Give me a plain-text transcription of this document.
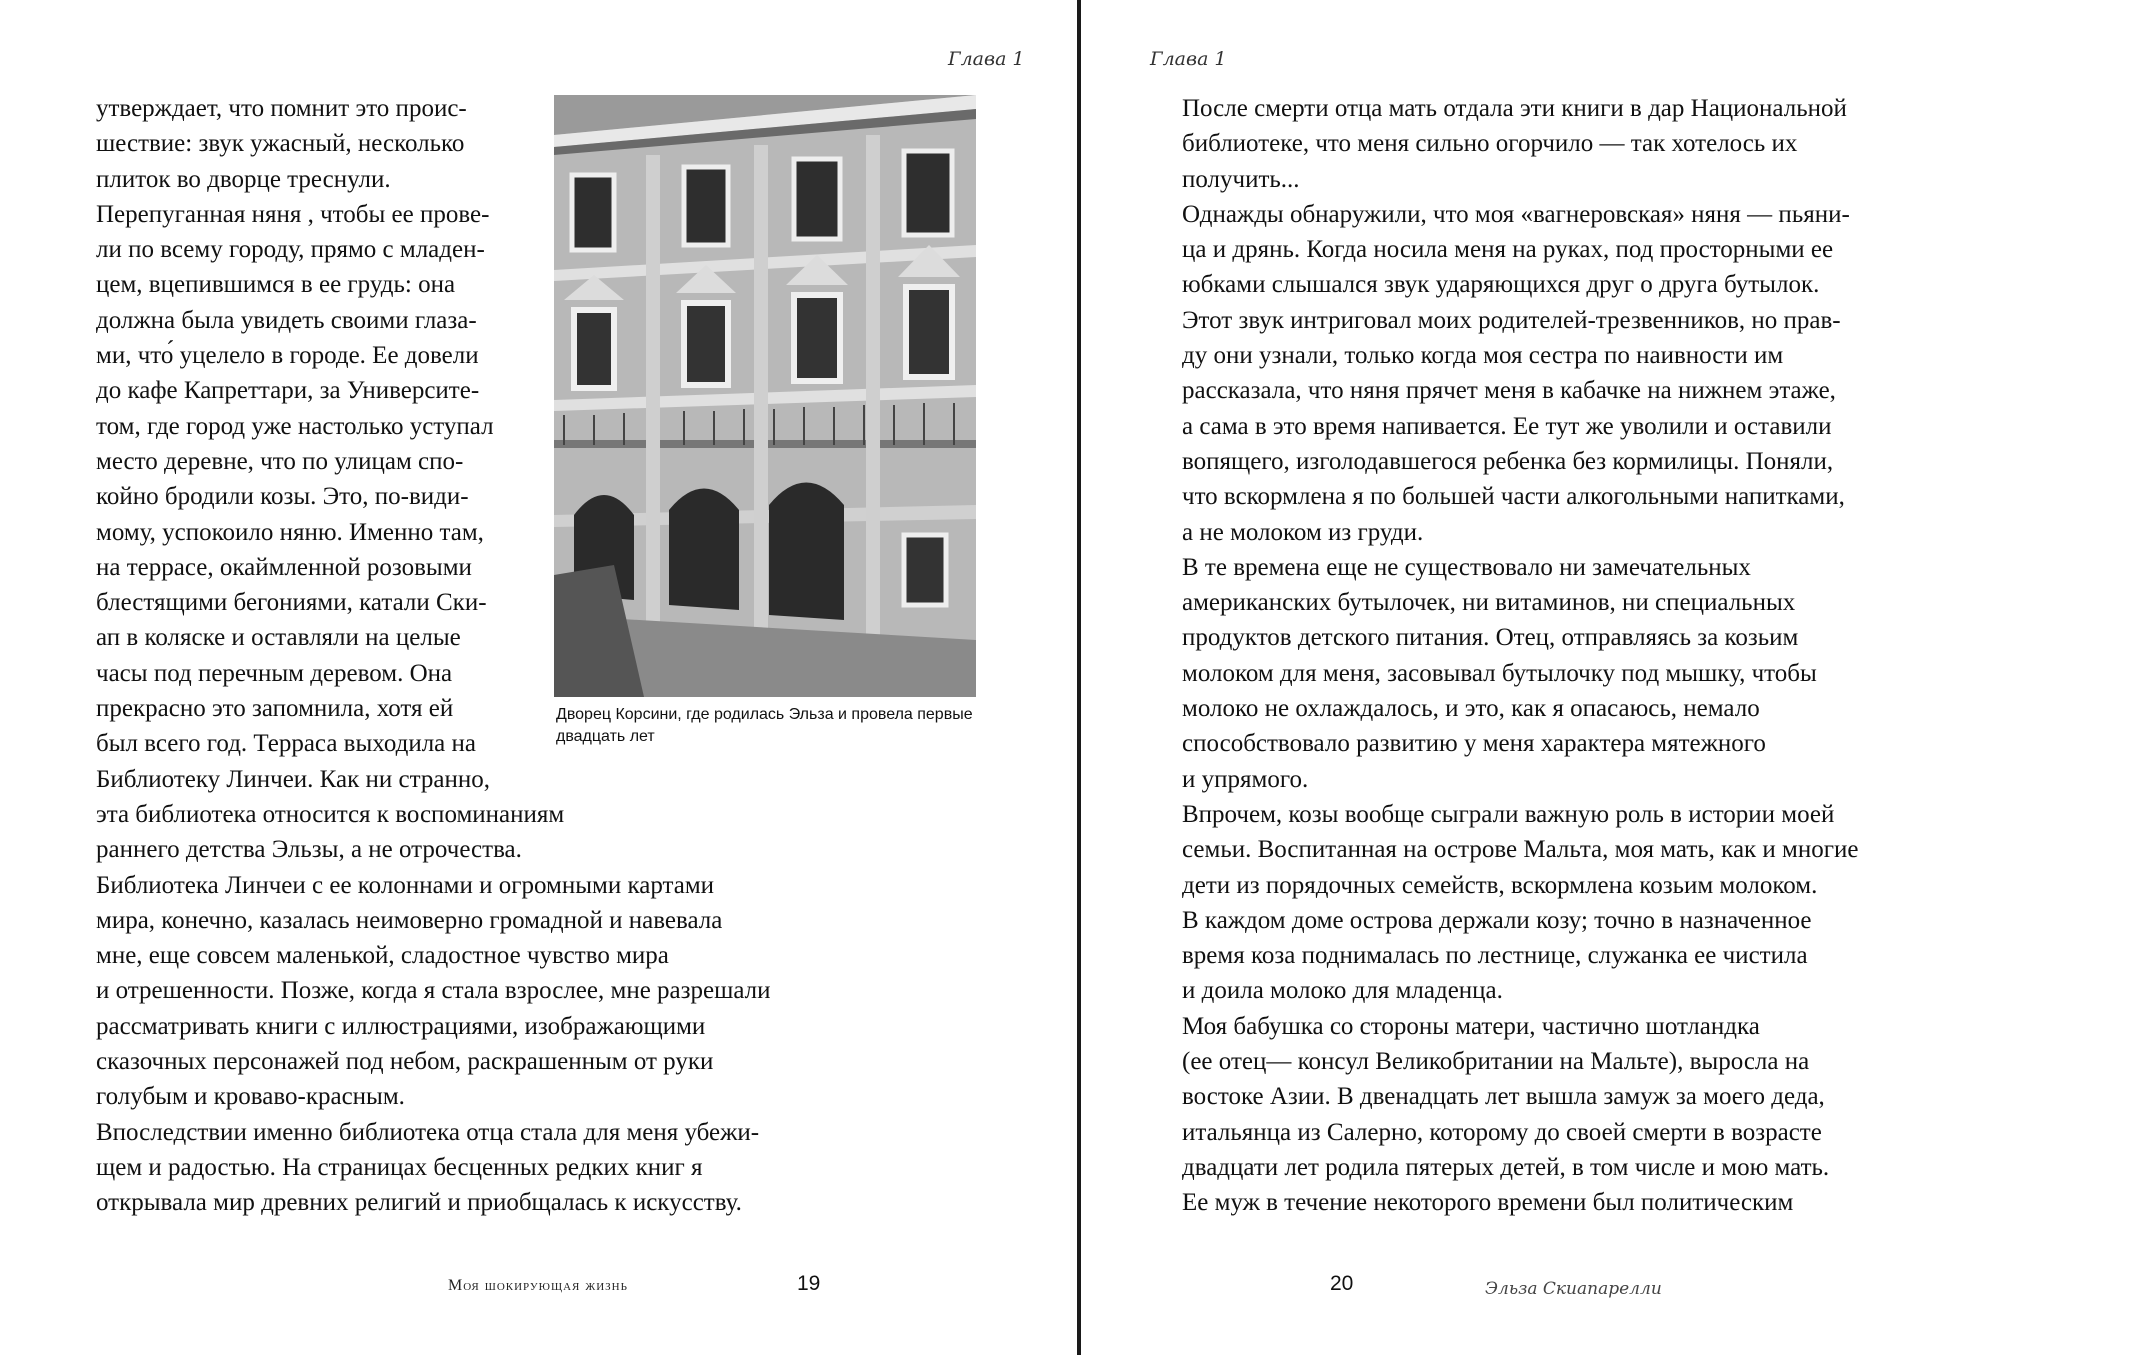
Глава 1
утверждает, что помнит это проис-
шествие: звук ужасный, несколько
плиток во дворце треснули.
Перепуганная няня , чтобы ее прове-
ли по всему городу, прямо с младен-
цем, вцепившимся в ее грудь: она
должна была увидеть своими глаза-
ми, что́ уцелело в городе. Ее довели
до кафе Капреттари, за Университе-
том, где город уже настолько уступал
место деревне, что по улицам спо-
койно бродили козы. Это, по-види-
мому, успокоило няню. Именно там,
на террасе, окаймленной розовыми
блестящими бегониями, катали Ски-
ап в коляске и оставляли на целые
часы под перечным деревом. Она
прекрасно это запомнила, хотя ей
был всего год. Терраса выходила на
Библиотеку Линчеи. Как ни странно,
Дворец Корсини, где родилась Эльза и провела первые двадцать лет
эта библиотека относится к воспоминаниям
раннего детства Эльзы, а не отрочества.
Библиотека Линчеи с ее колоннами и огромными картами
мира, конечно, казалась неимоверно громадной и навевала
мне, еще совсем маленькой, сладостное чувство мира
и отрешенности. Позже, когда я стала взрослее, мне разрешали
рассматривать книги с иллюстрациями, изображающими
сказочных персонажей под небом, раскрашенным от руки
голубым и кроваво-красным.
Впоследствии именно библиотека отца стала для меня убежи-
щем и радостью. На страницах бесценных редких книг я
открывала мир древних религий и приобщалась к искусству.
Моя шокирующая жизнь	19
Глава 1
После смерти отца мать отдала эти книги в дар Национальной
библиотеке, что меня сильно огорчило — так хотелось их
получить...
Однажды обнаружили, что моя «вагнеровская» няня — пьяни-
ца и дрянь. Когда носила меня на руках, под просторными ее
юбками слышался звук ударяющихся друг о друга бутылок.
Этот звук интриговал моих родителей-трезвенников, но прав-
ду они узнали, только когда моя сестра по наивности им
рассказала, что няня прячет меня в кабачке на нижнем этаже,
а сама в это время напивается. Ее тут же уволили и оставили
вопящего, изголодавшегося ребенка без кормилицы. Поняли,
что вскормлена я по большей части алкогольными напитками,
а не молоком из груди.
В те времена еще не существовало ни замечательных
американских бутылочек, ни витаминов, ни специальных
продуктов детского питания. Отец, отправляясь за козьим
молоком для меня, засовывал бутылочку под мышку, чтобы
молоко не охлаждалось, и это, как я опасаюсь, немало
способствовало развитию у меня характера мятежного
и упрямого.
Впрочем, козы вообще сыграли важную роль в истории моей
семьи. Воспитанная на острове Мальта, моя мать, как и многие
дети из порядочных семейств, вскормлена козьим молоком.
В каждом доме острова держали козу; точно в назначенное
время коза поднималась по лестнице, служанка ее чистила
и доила молоко для младенца.
Моя бабушка со стороны матери, частично шотландка
(ее отец— консул Великобритании на Мальте), выросла на
востоке Азии. В двенадцать лет вышла замуж за моего деда,
итальянца из Салерно, которому до своей смерти в возрасте
двадцати лет родила пятерых детей, в том числе и мою мать.
Ее муж в течение некоторого времени был политическим
20	Эльза Скиапарелли
